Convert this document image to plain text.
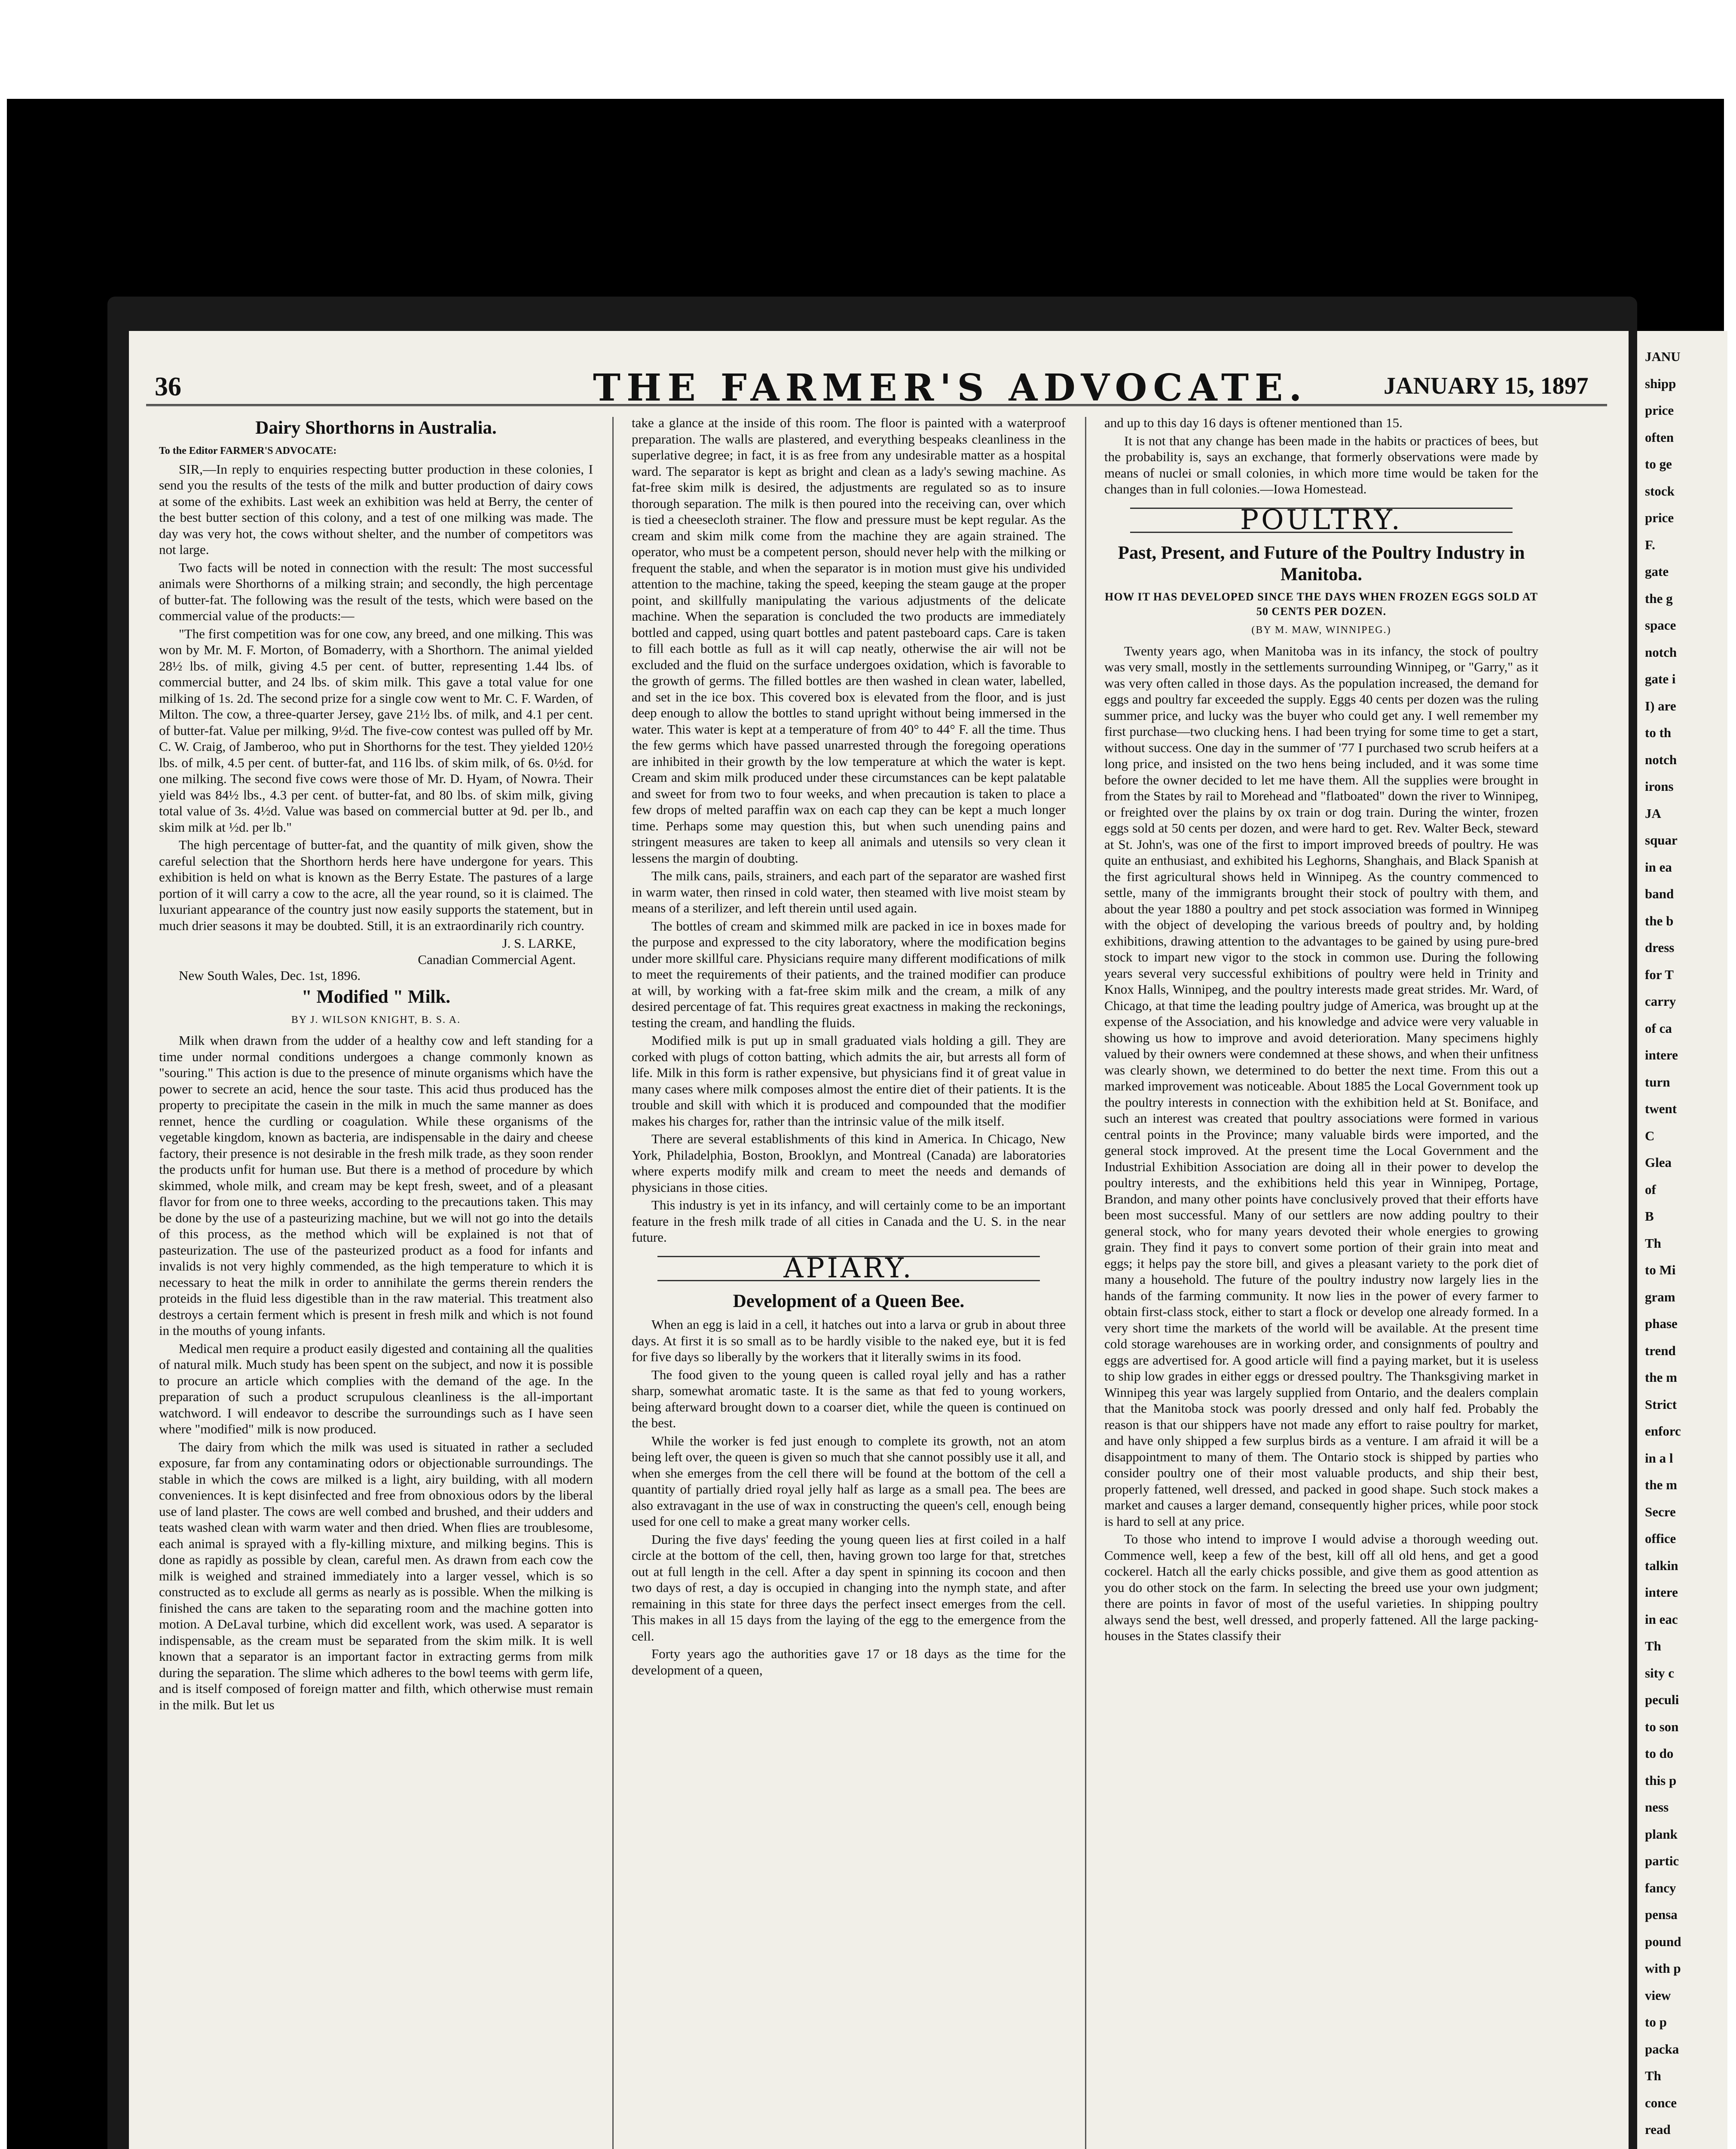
36	THE FARMER'S ADVOCATE.	JANUARY 15, 1897
Dairy Shorthorns in Australia.

To the Editor FARMER'S ADVOCATE:

SIR,—In reply to enquiries respecting butter production in these colonies, I send you the results of the tests of the milk and butter production of dairy cows at some of the exhibits. Last week an exhibition was held at Berry, the center of the best butter section of this colony, and a test of one milking was made. The day was very hot, the cows without shelter, and the number of competitors was not large.

Two facts will be noted in connection with the result: The most successful animals were Shorthorns of a milking strain; and secondly, the high percentage of butter-fat. The following was the result of the tests, which were based on the commercial value of the products:—

"The first competition was for one cow, any breed, and one milking. This was won by Mr. M. F. Morton, of Bomaderry, with a Shorthorn. The animal yielded 28½ lbs. of milk, giving 4.5 per cent. of butter, representing 1.44 lbs. of commercial butter, and 24 lbs. of skim milk. This gave a total value for one milking of 1s. 2d. The second prize for a single cow went to Mr. C. F. Warden, of Milton. The cow, a three-quarter Jersey, gave 21½ lbs. of milk, and 4.1 per cent. of butter-fat. Value per milking, 9½d. The five-cow contest was pulled off by Mr. C. W. Craig, of Jamberoo, who put in Shorthorns for the test. They yielded 120½ lbs. of milk, 4.5 per cent. of butter-fat, and 116 lbs. of skim milk, of 6s. 0½d. for one milking. The second five cows were those of Mr. D. Hyam, of Nowra. Their yield was 84½ lbs., 4.3 per cent. of butter-fat, and 80 lbs. of skim milk, giving total value of 3s. 4½d. Value was based on commercial butter at 9d. per lb., and skim milk at ½d. per lb."

The high percentage of butter-fat, and the quantity of milk given, show the careful selection that the Shorthorn herds here have undergone for years. This exhibition is held on what is known as the Berry Estate. The pastures of a large portion of it will carry a cow to the acre, all the year round, so it is claimed. The luxuriant appearance of the country just now easily supports the statement, but in much drier seasons it may be doubted. Still, it is an extraordinarily rich country.

J. S. LARKE,
Canadian Commercial Agent.
New South Wales, Dec. 1st, 1896.
" Modified " Milk.
BY J. WILSON KNIGHT, B. S. A.

Milk when drawn from the udder of a healthy cow and left standing for a time under normal conditions undergoes a change commonly known as "souring." This action is due to the presence of minute organisms which have the power to secrete an acid, hence the sour taste. This acid thus produced has the property to precipitate the casein in the milk in much the same manner as does rennet, hence the curdling or coagulation. While these organisms of the vegetable kingdom, known as bacteria, are indispensable in the dairy and cheese factory, their presence is not desirable in the fresh milk trade, as they soon render the products unfit for human use. But there is a method of procedure by which skimmed, whole milk, and cream may be kept fresh, sweet, and of a pleasant flavor for from one to three weeks, according to the precautions taken. This may be done by the use of a pasteurizing machine, but we will not go into the details of this process, as the method which will be explained is not that of pasteurization. The use of the pasteurized product as a food for infants and invalids is not very highly commended, as the high temperature to which it is necessary to heat the milk in order to annihilate the germs therein renders the proteids in the fluid less digestible than in the raw material. This treatment also destroys a certain ferment which is present in fresh milk and which is not found in the mouths of young infants.

Medical men require a product easily digested and containing all the qualities of natural milk. Much study has been spent on the subject, and now it is possible to procure an article which complies with the demand of the age. In the preparation of such a product scrupulous cleanliness is the all-important watchword. I will endeavor to describe the surroundings such as I have seen where "modified" milk is now produced.

The dairy from which the milk was used is situated in rather a secluded exposure, far from any contaminating odors or objectionable surroundings. The stable in which the cows are milked is a light, airy building, with all modern conveniences. It is kept disinfected and free from obnoxious odors by the liberal use of land plaster. The cows are well combed and brushed, and their udders and teats washed clean with warm water and then dried. When flies are troublesome, each animal is sprayed with a fly-killing mixture, and milking begins. This is done as rapidly as possible by clean, careful men. As drawn from each cow the milk is weighed and strained immediately into a larger vessel, which is so constructed as to exclude all germs as nearly as is possible. When the milking is finished the cans are taken to the separating room and the machine gotten into motion. A DeLaval turbine, which did excellent work, was used. A separator is indispensable, as the cream must be separated from the skim milk. It is well known that a separator is an important factor in extracting germs from milk during the separation. The slime which adheres to the bowl teems with germ life, and is itself composed of foreign matter and filth, which otherwise must remain in the milk. But let us

take a glance at the inside of this room. The floor is painted with a waterproof preparation. The walls are plastered, and everything bespeaks cleanliness in the superlative degree; in fact, it is as free from any undesirable matter as a hospital ward. The separator is kept as bright and clean as a lady's sewing machine. As fat-free skim milk is desired, the adjustments are regulated so as to insure thorough separation. The milk is then poured into the receiving can, over which is tied a cheesecloth strainer. The flow and pressure must be kept regular. As the cream and skim milk come from the machine they are again strained. The operator, who must be a competent person, should never help with the milking or frequent the stable, and when the separator is in motion must give his undivided attention to the machine, taking the speed, keeping the steam gauge at the proper point, and skillfully manipulating the various adjustments of the delicate machine. When the separation is concluded the two products are immediately bottled and capped, using quart bottles and patent pasteboard caps. Care is taken to fill each bottle as full as it will cap neatly, otherwise the air will not be excluded and the fluid on the surface undergoes oxidation, which is favorable to the growth of germs. The filled bottles are then washed in clean water, labelled, and set in the ice box. This covered box is elevated from the floor, and is just deep enough to allow the bottles to stand upright without being immersed in the water. This water is kept at a temperature of from 40° to 44° F. all the time. Thus the few germs which have passed unarrested through the foregoing operations are inhibited in their growth by the low temperature at which the water is kept. Cream and skim milk produced under these circumstances can be kept palatable and sweet for from two to four weeks, and when precaution is taken to place a few drops of melted paraffin wax on each cap they can be kept a much longer time. Perhaps some may question this, but when such unending pains and stringent measures are taken to keep all animals and utensils so very clean it lessens the margin of doubting.

The milk cans, pails, strainers, and each part of the separator are washed first in warm water, then rinsed in cold water, then steamed with live moist steam by means of a sterilizer, and left therein until used again.

The bottles of cream and skimmed milk are packed in ice in boxes made for the purpose and expressed to the city laboratory, where the modification begins under more skillful care. Physicians require many different modifications of milk to meet the requirements of their patients, and the trained modifier can produce at will, by working with a fat-free skim milk and the cream, a milk of any desired percentage of fat. This requires great exactness in making the reckonings, testing the cream, and handling the fluids.

Modified milk is put up in small graduated vials holding a gill. They are corked with plugs of cotton batting, which admits the air, but arrests all form of life. Milk in this form is rather expensive, but physicians find it of great value in many cases where milk composes almost the entire diet of their patients. It is the trouble and skill with which it is produced and compounded that the modifier makes his charges for, rather than the intrinsic value of the milk itself.

There are several establishments of this kind in America. In Chicago, New York, Philadelphia, Boston, Brooklyn, and Montreal (Canada) are laboratories where experts modify milk and cream to meet the needs and demands of physicians in those cities.

This industry is yet in its infancy, and will certainly come to be an important feature in the fresh milk trade of all cities in Canada and the U. S. in the near future.

APIARY.
Development of a Queen Bee.

When an egg is laid in a cell, it hatches out into a larva or grub in about three days. At first it is so small as to be hardly visible to the naked eye, but it is fed for five days so liberally by the workers that it literally swims in its food.

The food given to the young queen is called royal jelly and has a rather sharp, somewhat aromatic taste. It is the same as that fed to young workers, being afterward brought down to a coarser diet, while the queen is continued on the best.

While the worker is fed just enough to complete its growth, not an atom being left over, the queen is given so much that she cannot possibly use it all, and when she emerges from the cell there will be found at the bottom of the cell a quantity of partially dried royal jelly half as large as a small pea. The bees are also extravagant in the use of wax in constructing the queen's cell, enough being used for one cell to make a great many worker cells.

During the five days' feeding the young queen lies at first coiled in a half circle at the bottom of the cell, then, having grown too large for that, stretches out at full length in the cell. After a day spent in spinning its cocoon and then two days of rest, a day is occupied in changing into the nymph state, and after remaining in this state for three days the perfect insect emerges from the cell. This makes in all 15 days from the laying of the egg to the emergence from the cell.

Forty years ago the authorities gave 17 or 18 days as the time for the development of a queen,

and up to this day 16 days is oftener mentioned than 15.

It is not that any change has been made in the habits or practices of bees, but the probability is, says an exchange, that formerly observations were made by means of nuclei or small colonies, in which more time would be taken for the changes than in full colonies.—Iowa Homestead.

POULTRY.
Past, Present, and Future of the Poultry Industry in Manitoba.
HOW IT HAS DEVELOPED SINCE THE DAYS WHEN FROZEN EGGS SOLD AT 50 CENTS PER DOZEN.
(BY M. MAW, WINNIPEG.)

Twenty years ago, when Manitoba was in its infancy, the stock of poultry was very small, mostly in the settlements surrounding Winnipeg, or "Garry," as it was very often called in those days. As the population increased, the demand for eggs and poultry far exceeded the supply. Eggs 40 cents per dozen was the ruling summer price, and lucky was the buyer who could get any. I well remember my first purchase—two clucking hens. I had been trying for some time to get a start, without success. One day in the summer of '77 I purchased two scrub heifers at a long price, and insisted on the two hens being included, and it was some time before the owner decided to let me have them. All the supplies were brought in from the States by rail to Morehead and "flatboated" down the river to Winnipeg, or freighted over the plains by ox train or dog train. During the winter, frozen eggs sold at 50 cents per dozen, and were hard to get. Rev. Walter Beck, steward at St. John's, was one of the first to import improved breeds of poultry. He was quite an enthusiast, and exhibited his Leghorns, Shanghais, and Black Spanish at the first agricultural shows held in Winnipeg. As the country commenced to settle, many of the immigrants brought their stock of poultry with them, and about the year 1880 a poultry and pet stock association was formed in Winnipeg with the object of developing the various breeds of poultry and, by holding exhibitions, drawing attention to the advantages to be gained by using pure-bred stock to impart new vigor to the stock in common use. During the following years several very successful exhibitions of poultry were held in Trinity and Knox Halls, Winnipeg, and the poultry interests made great strides. Mr. Ward, of Chicago, at that time the leading poultry judge of America, was brought up at the expense of the Association, and his knowledge and advice were very valuable in showing us how to improve and avoid deterioration. Many specimens highly valued by their owners were condemned at these shows, and when their unfitness was clearly shown, we determined to do better the next time. From this out a marked improvement was noticeable. About 1885 the Local Government took up the poultry interests in connection with the exhibition held at St. Boniface, and such an interest was created that poultry associations were formed in various central points in the Province; many valuable birds were imported, and the general stock improved. At the present time the Local Government and the Industrial Exhibition Association are doing all in their power to develop the poultry interests, and the exhibitions held this year in Winnipeg, Portage, Brandon, and many other points have conclusively proved that their efforts have been most successful. Many of our settlers are now adding poultry to their general stock, who for many years devoted their whole energies to growing grain. They find it pays to convert some portion of their grain into meat and eggs; it helps pay the store bill, and gives a pleasant variety to the pork diet of many a household. The future of the poultry industry now largely lies in the hands of the farming community. It now lies in the power of every farmer to obtain first-class stock, either to start a flock or develop one already formed. In a very short time the markets of the world will be available. At the present time cold storage warehouses are in working order, and consignments of poultry and eggs are advertised for. A good article will find a paying market, but it is useless to ship low grades in either eggs or dressed poultry. The Thanksgiving market in Winnipeg this year was largely supplied from Ontario, and the dealers complain that the Manitoba stock was poorly dressed and only half fed. Probably the reason is that our shippers have not made any effort to raise poultry for market, and have only shipped a few surplus birds as a venture. I am afraid it will be a disappointment to many of them. The Ontario stock is shipped by parties who consider poultry one of their most valuable products, and ship their best, properly fattened, well dressed, and packed in good shape. Such stock makes a market and causes a larger demand, consequently higher prices, while poor stock is hard to sell at any price.

To those who intend to improve I would advise a thorough weeding out. Commence well, keep a few of the best, kill off all old hens, and get a good cockerel. Hatch all the early chicks possible, and give them as good attention as you do other stock on the farm. In selecting the breed use your own judgment; there are points in favor of most of the useful varieties. In shipping poultry always send the best, well dressed, and properly fattened. All the large packing-houses in the States classify their

JANU
shipp
price
often
to ge
stock
price
F.
gate
the g
space
notch
gate i
I) are
to th
notch
irons
JA
squar
in ea
band
the b
dress
for T
carry
of ca
intere
turn
twent
C
Glea
of
B
Th
to Mi
gram
phase
trend
the m
Strict
enforc
in a l
the m
Secre
office
talkin
intere
in eac
Th
sity c
peculi
to son
to do
this p
ness
plank
partic
fancy
pensa
pound
with p
view
to p
packa
Th
conce
read
